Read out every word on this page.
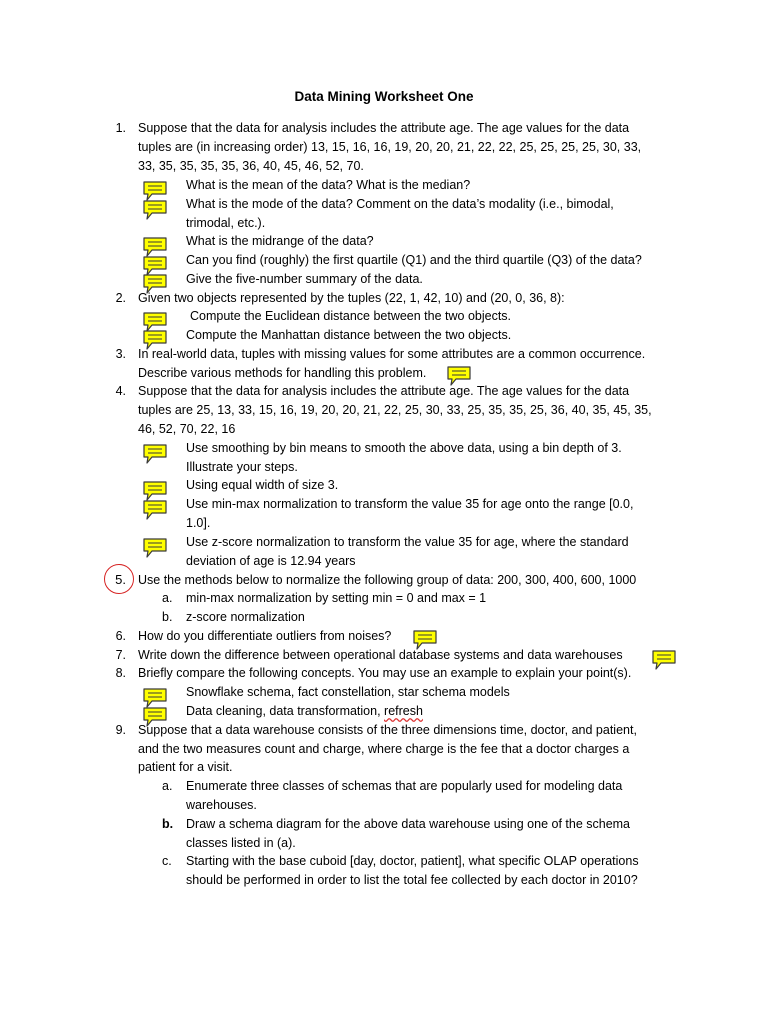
Data Mining Worksheet One
1. Suppose that the data for analysis includes the attribute age. The age values for the data
tuples are (in increasing order) 13, 15, 16, 16, 19, 20, 20, 21, 22, 22, 25, 25, 25, 25, 30, 33,
33, 35, 35, 35, 35, 36, 40, 45, 46, 52, 70.
What is the mean of the data? What is the median?
What is the mode of the data? Comment on the data’s modality (i.e., bimodal,
trimodal, etc.).
What is the midrange of the data?
Can you find (roughly) the first quartile (Q1) and the third quartile (Q3) of the data?
Give the five-number summary of the data.
2. Given two objects represented by the tuples (22, 1, 42, 10) and (20, 0, 36, 8):
Compute the Euclidean distance between the two objects.
Compute the Manhattan distance between the two objects.
3. In real-world data, tuples with missing values for some attributes are a common occurrence.
Describe various methods for handling this problem.
4. Suppose that the data for analysis includes the attribute age. The age values for the data
tuples are 25, 13, 33, 15, 16, 19, 20, 20, 21, 22, 25, 30, 33, 25, 35, 35, 25, 36, 40, 35, 45, 35,
46, 52, 70, 22, 16
Use smoothing by bin means to smooth the above data, using a bin depth of 3.
Illustrate your steps.
Using equal width of size 3.
Use min-max normalization to transform the value 35 for age onto the range [0.0,
1.0].
Use z-score normalization to transform the value 35 for age, where the standard
deviation of age is 12.94 years
5. Use the methods below to normalize the following group of data: 200, 300, 400, 600, 1000
a. min-max normalization by setting min = 0 and max = 1
b. z-score normalization
6. How do you differentiate outliers from noises?
7. Write down the difference between operational database systems and data warehouses
8. Briefly compare the following concepts. You may use an example to explain your point(s).
Snowflake schema, fact constellation, star schema models
Data cleaning, data transformation, refresh
9. Suppose that a data warehouse consists of the three dimensions time, doctor, and patient,
and the two measures count and charge, where charge is the fee that a doctor charges a
patient for a visit.
a. Enumerate three classes of schemas that are popularly used for modeling data
warehouses.
b. Draw a schema diagram for the above data warehouse using one of the schema
classes listed in (a).
c. Starting with the base cuboid [day, doctor, patient], what specific OLAP operations
should be performed in order to list the total fee collected by each doctor in 2010?
